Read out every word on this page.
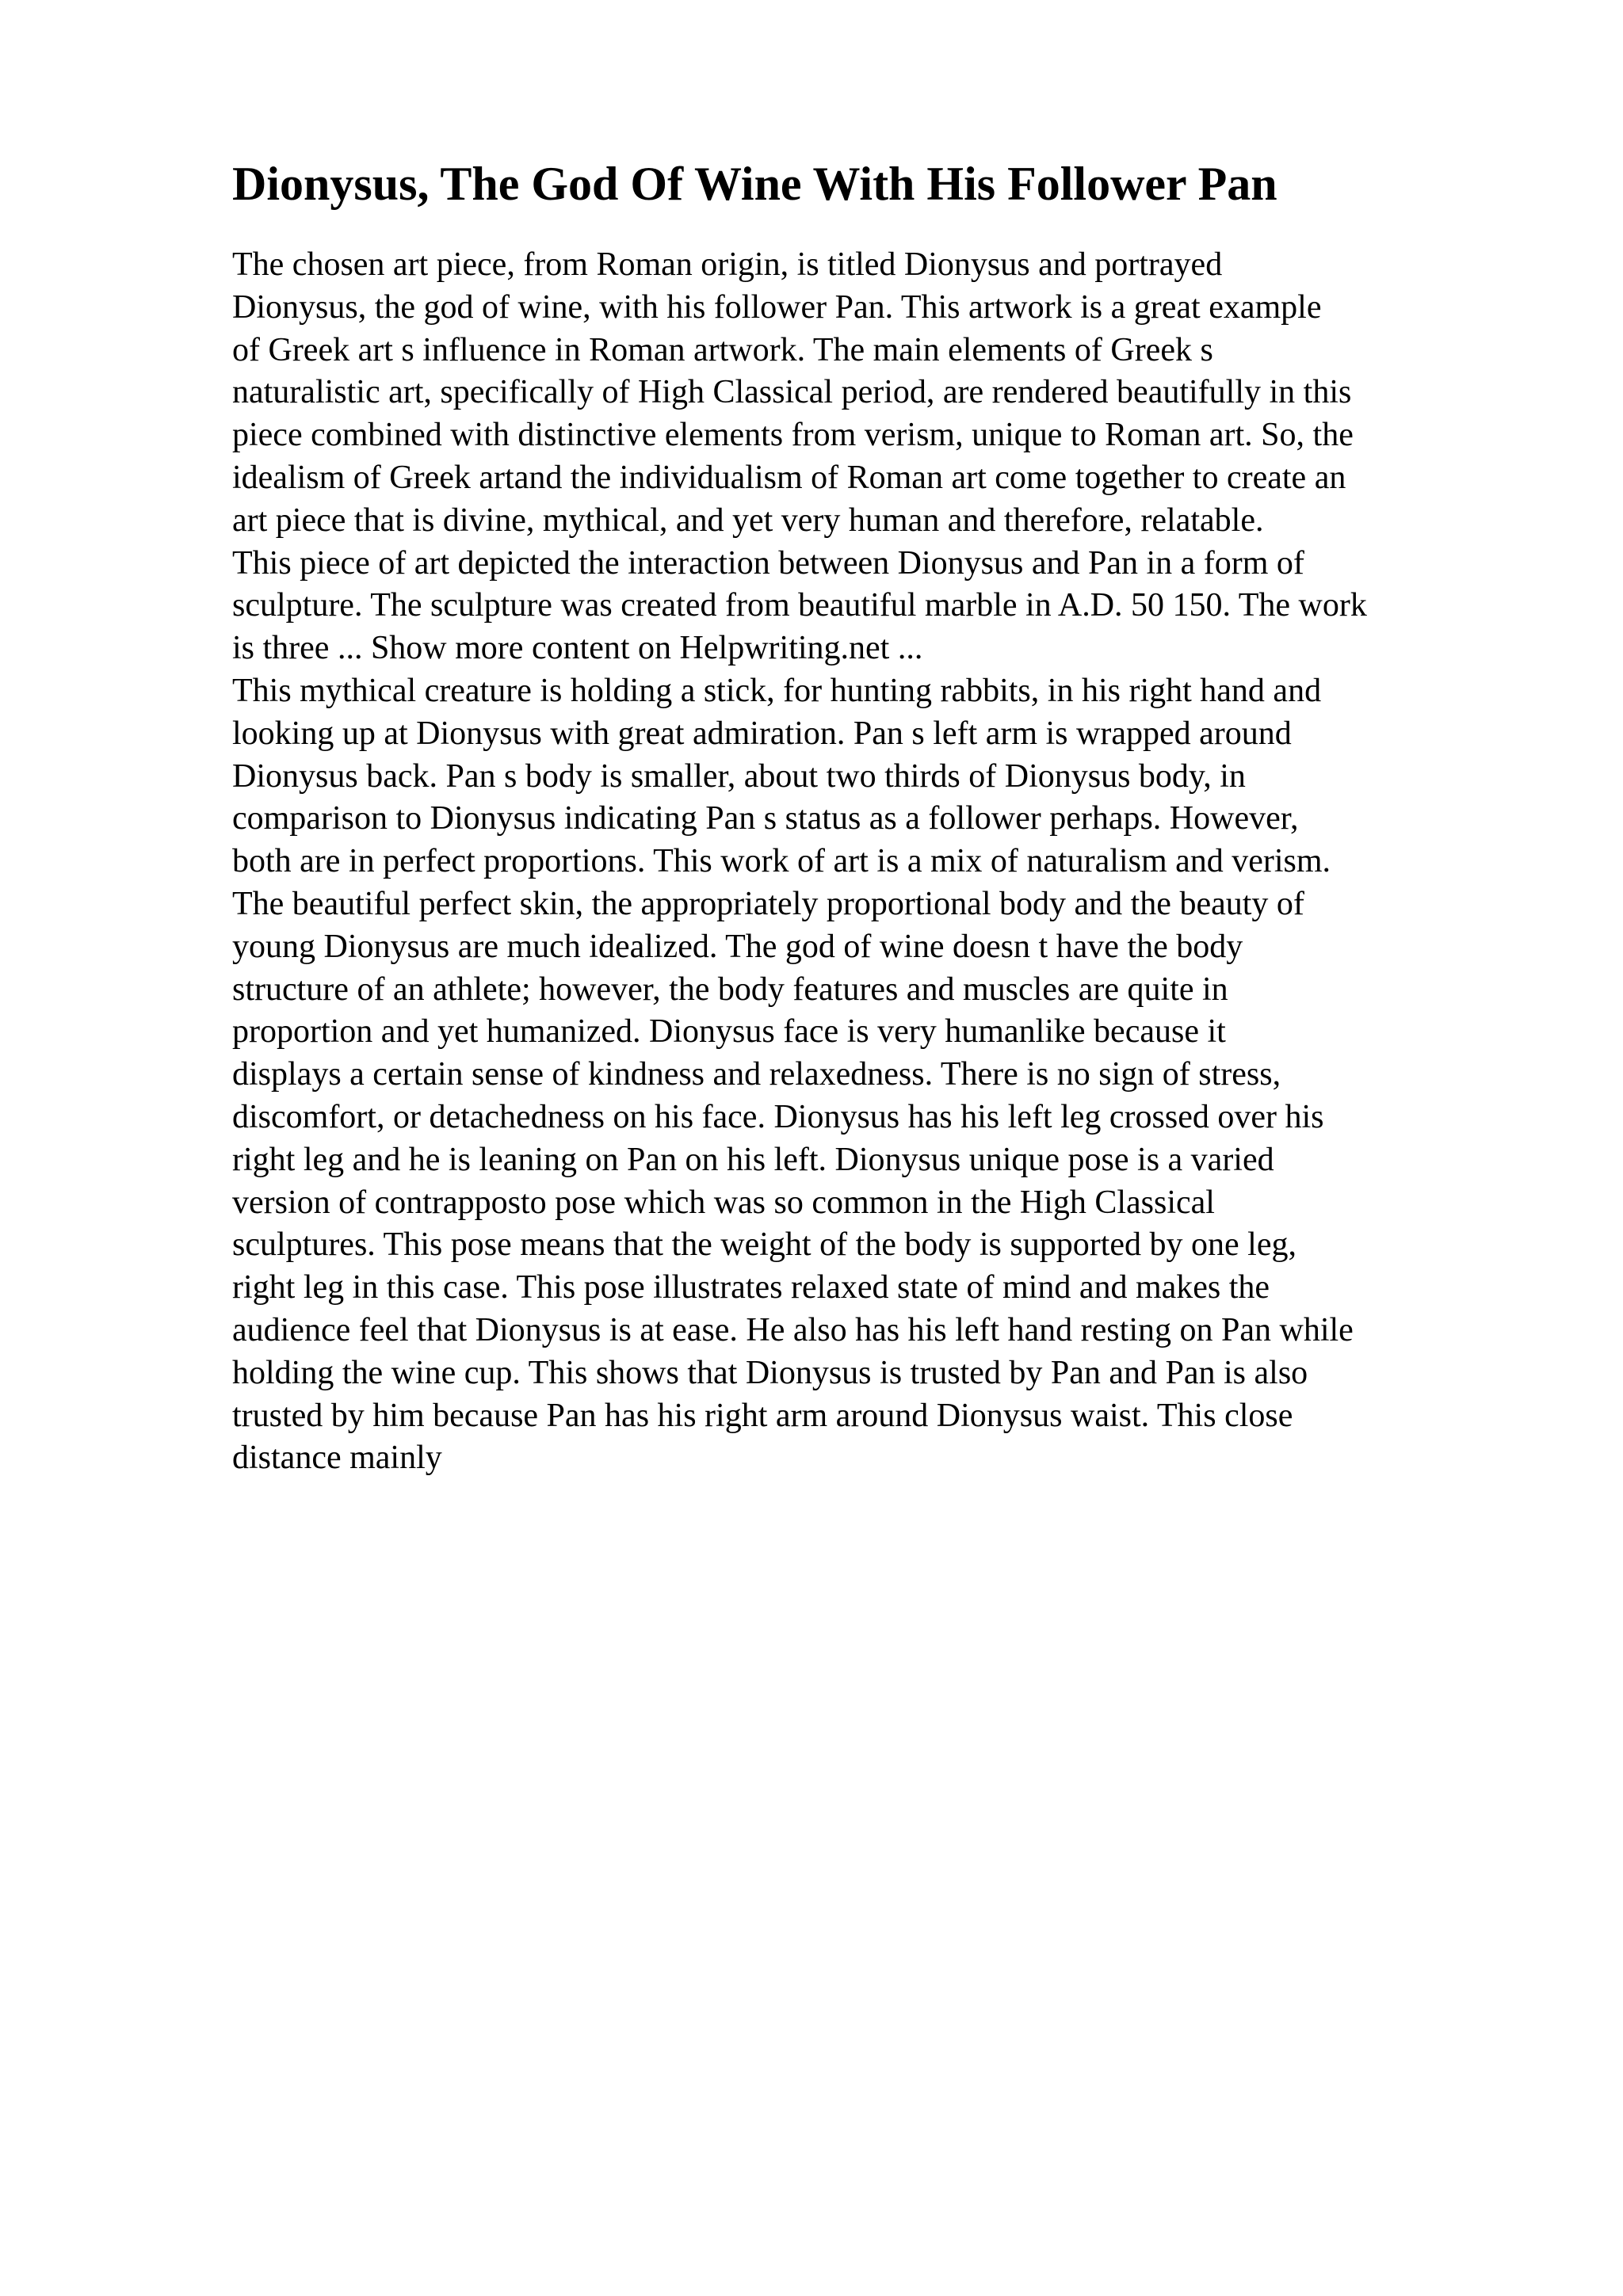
Dionysus, The God Of Wine With His Follower Pan
The chosen art piece, from Roman origin, is titled Dionysus and portrayed
Dionysus, the god of wine, with his follower Pan. This artwork is a great example
of Greek art s influence in Roman artwork. The main elements of Greek s
naturalistic art, specifically of High Classical period, are rendered beautifully in this
piece combined with distinctive elements from verism, unique to Roman art. So, the
idealism of Greek artand the individualism of Roman art come together to create an
art piece that is divine, mythical, and yet very human and therefore, relatable.
This piece of art depicted the interaction between Dionysus and Pan in a form of
sculpture. The sculpture was created from beautiful marble in A.D. 50 150. The work
is three ... Show more content on Helpwriting.net ...
This mythical creature is holding a stick, for hunting rabbits, in his right hand and
looking up at Dionysus with great admiration. Pan s left arm is wrapped around
Dionysus back. Pan s body is smaller, about two thirds of Dionysus body, in
comparison to Dionysus indicating Pan s status as a follower perhaps. However,
both are in perfect proportions. This work of art is a mix of naturalism and verism.
The beautiful perfect skin, the appropriately proportional body and the beauty of
young Dionysus are much idealized. The god of wine doesn t have the body
structure of an athlete; however, the body features and muscles are quite in
proportion and yet humanized. Dionysus face is very humanlike because it
displays a certain sense of kindness and relaxedness. There is no sign of stress,
discomfort, or detachedness on his face. Dionysus has his left leg crossed over his
right leg and he is leaning on Pan on his left. Dionysus unique pose is a varied
version of contrapposto pose which was so common in the High Classical
sculptures. This pose means that the weight of the body is supported by one leg,
right leg in this case. This pose illustrates relaxed state of mind and makes the
audience feel that Dionysus is at ease. He also has his left hand resting on Pan while
holding the wine cup. This shows that Dionysus is trusted by Pan and Pan is also
trusted by him because Pan has his right arm around Dionysus waist. This close
distance mainly
